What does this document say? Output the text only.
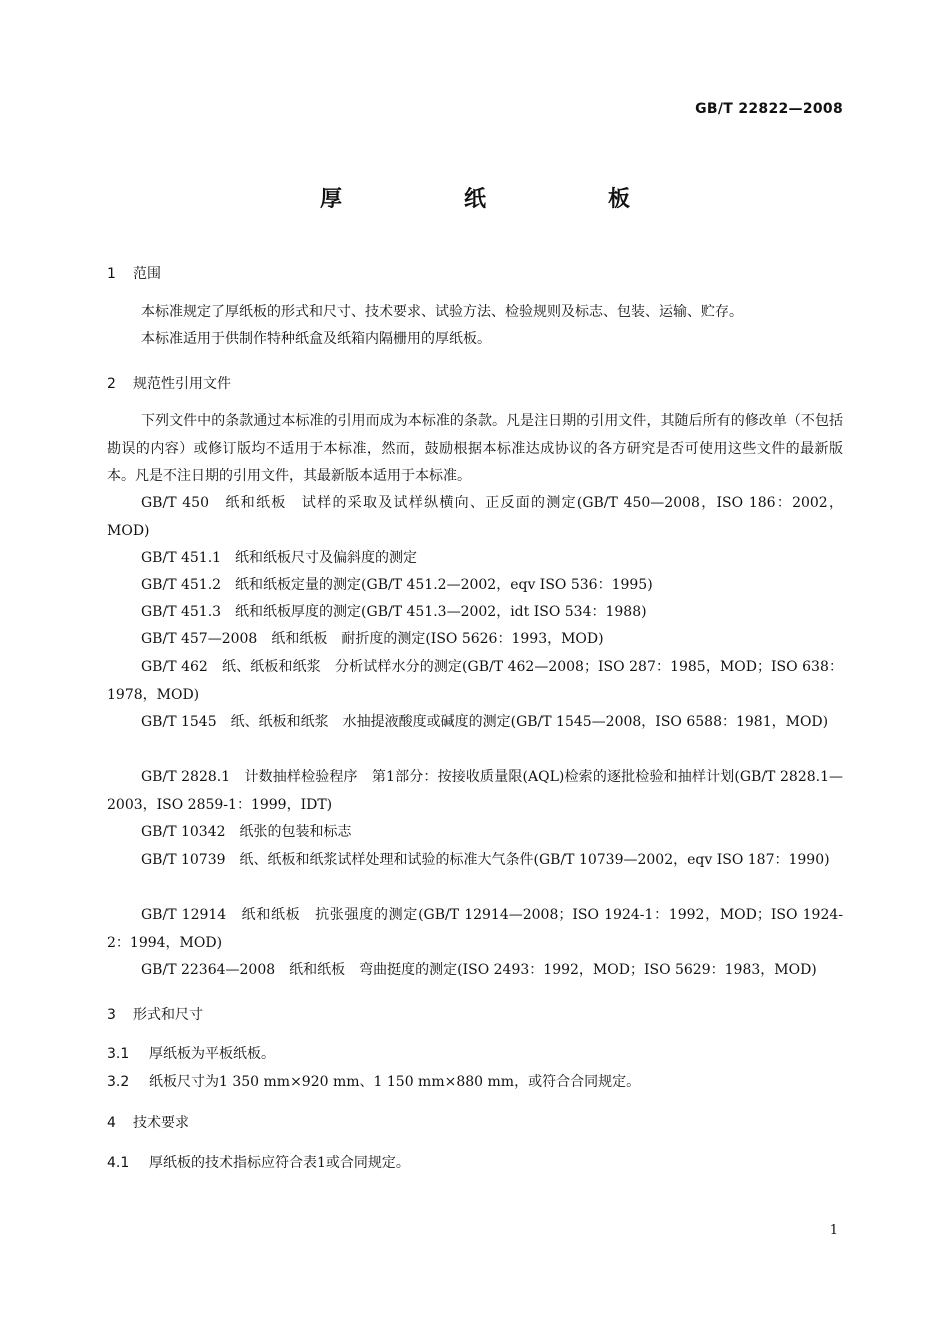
GB/T 22822—2008
厚　纸　板
1 范围
本标准规定了厚纸板的形式和尺寸、技术要求、试验方法、检验规则及标志、包装、运输、贮存。
本标准适用于供制作特种纸盒及纸箱内隔栅用的厚纸板。
2 规范性引用文件
下列文件中的条款通过本标准的引用而成为本标准的条款。凡是注日期的引用文件，其随后所有的修改单（不包括勘误的内容）或修订版均不适用于本标准，然而，鼓励根据本标准达成协议的各方研究是否可使用这些文件的最新版本。凡是不注日期的引用文件，其最新版本适用于本标准。
GB/T 450　纸和纸板　试样的采取及试样纵横向、正反面的测定(GB/T 450—2008，ISO 186：2002，MOD)
GB/T 451.1　纸和纸板尺寸及偏斜度的测定
GB/T 451.2　纸和纸板定量的测定(GB/T 451.2—2002，eqv ISO 536：1995)
GB/T 451.3　纸和纸板厚度的测定(GB/T 451.3—2002，idt ISO 534：1988)
GB/T 457—2008　纸和纸板　耐折度的测定(ISO 5626：1993，MOD)
GB/T 462　纸、纸板和纸浆　分析试样水分的测定(GB/T 462—2008；ISO 287：1985，MOD；ISO 638：1978，MOD)
GB/T 1545　纸、纸板和纸浆　水抽提液酸度或碱度的测定(GB/T 1545—2008，ISO 6588：1981，MOD)
GB/T 2828.1　计数抽样检验程序　第1部分：按接收质量限(AQL)检索的逐批检验和抽样计划(GB/T 2828.1—2003，ISO 2859-1：1999，IDT)
GB/T 10342　纸张的包装和标志
GB/T 10739　纸、纸板和纸浆试样处理和试验的标准大气条件(GB/T 10739—2002，eqv ISO 187：1990)
GB/T 12914　纸和纸板　抗张强度的测定(GB/T 12914—2008；ISO 1924-1：1992，MOD；ISO 1924-2：1994，MOD)
GB/T 22364—2008　纸和纸板　弯曲挺度的测定(ISO 2493：1992，MOD；ISO 5629：1983，MOD)
3 形式和尺寸
3.1 厚纸板为平板纸板。
3.2 纸板尺寸为1 350 mm×920 mm、1 150 mm×880 mm，或符合合同规定。
4 技术要求
4.1 厚纸板的技术指标应符合表1或合同规定。
1
